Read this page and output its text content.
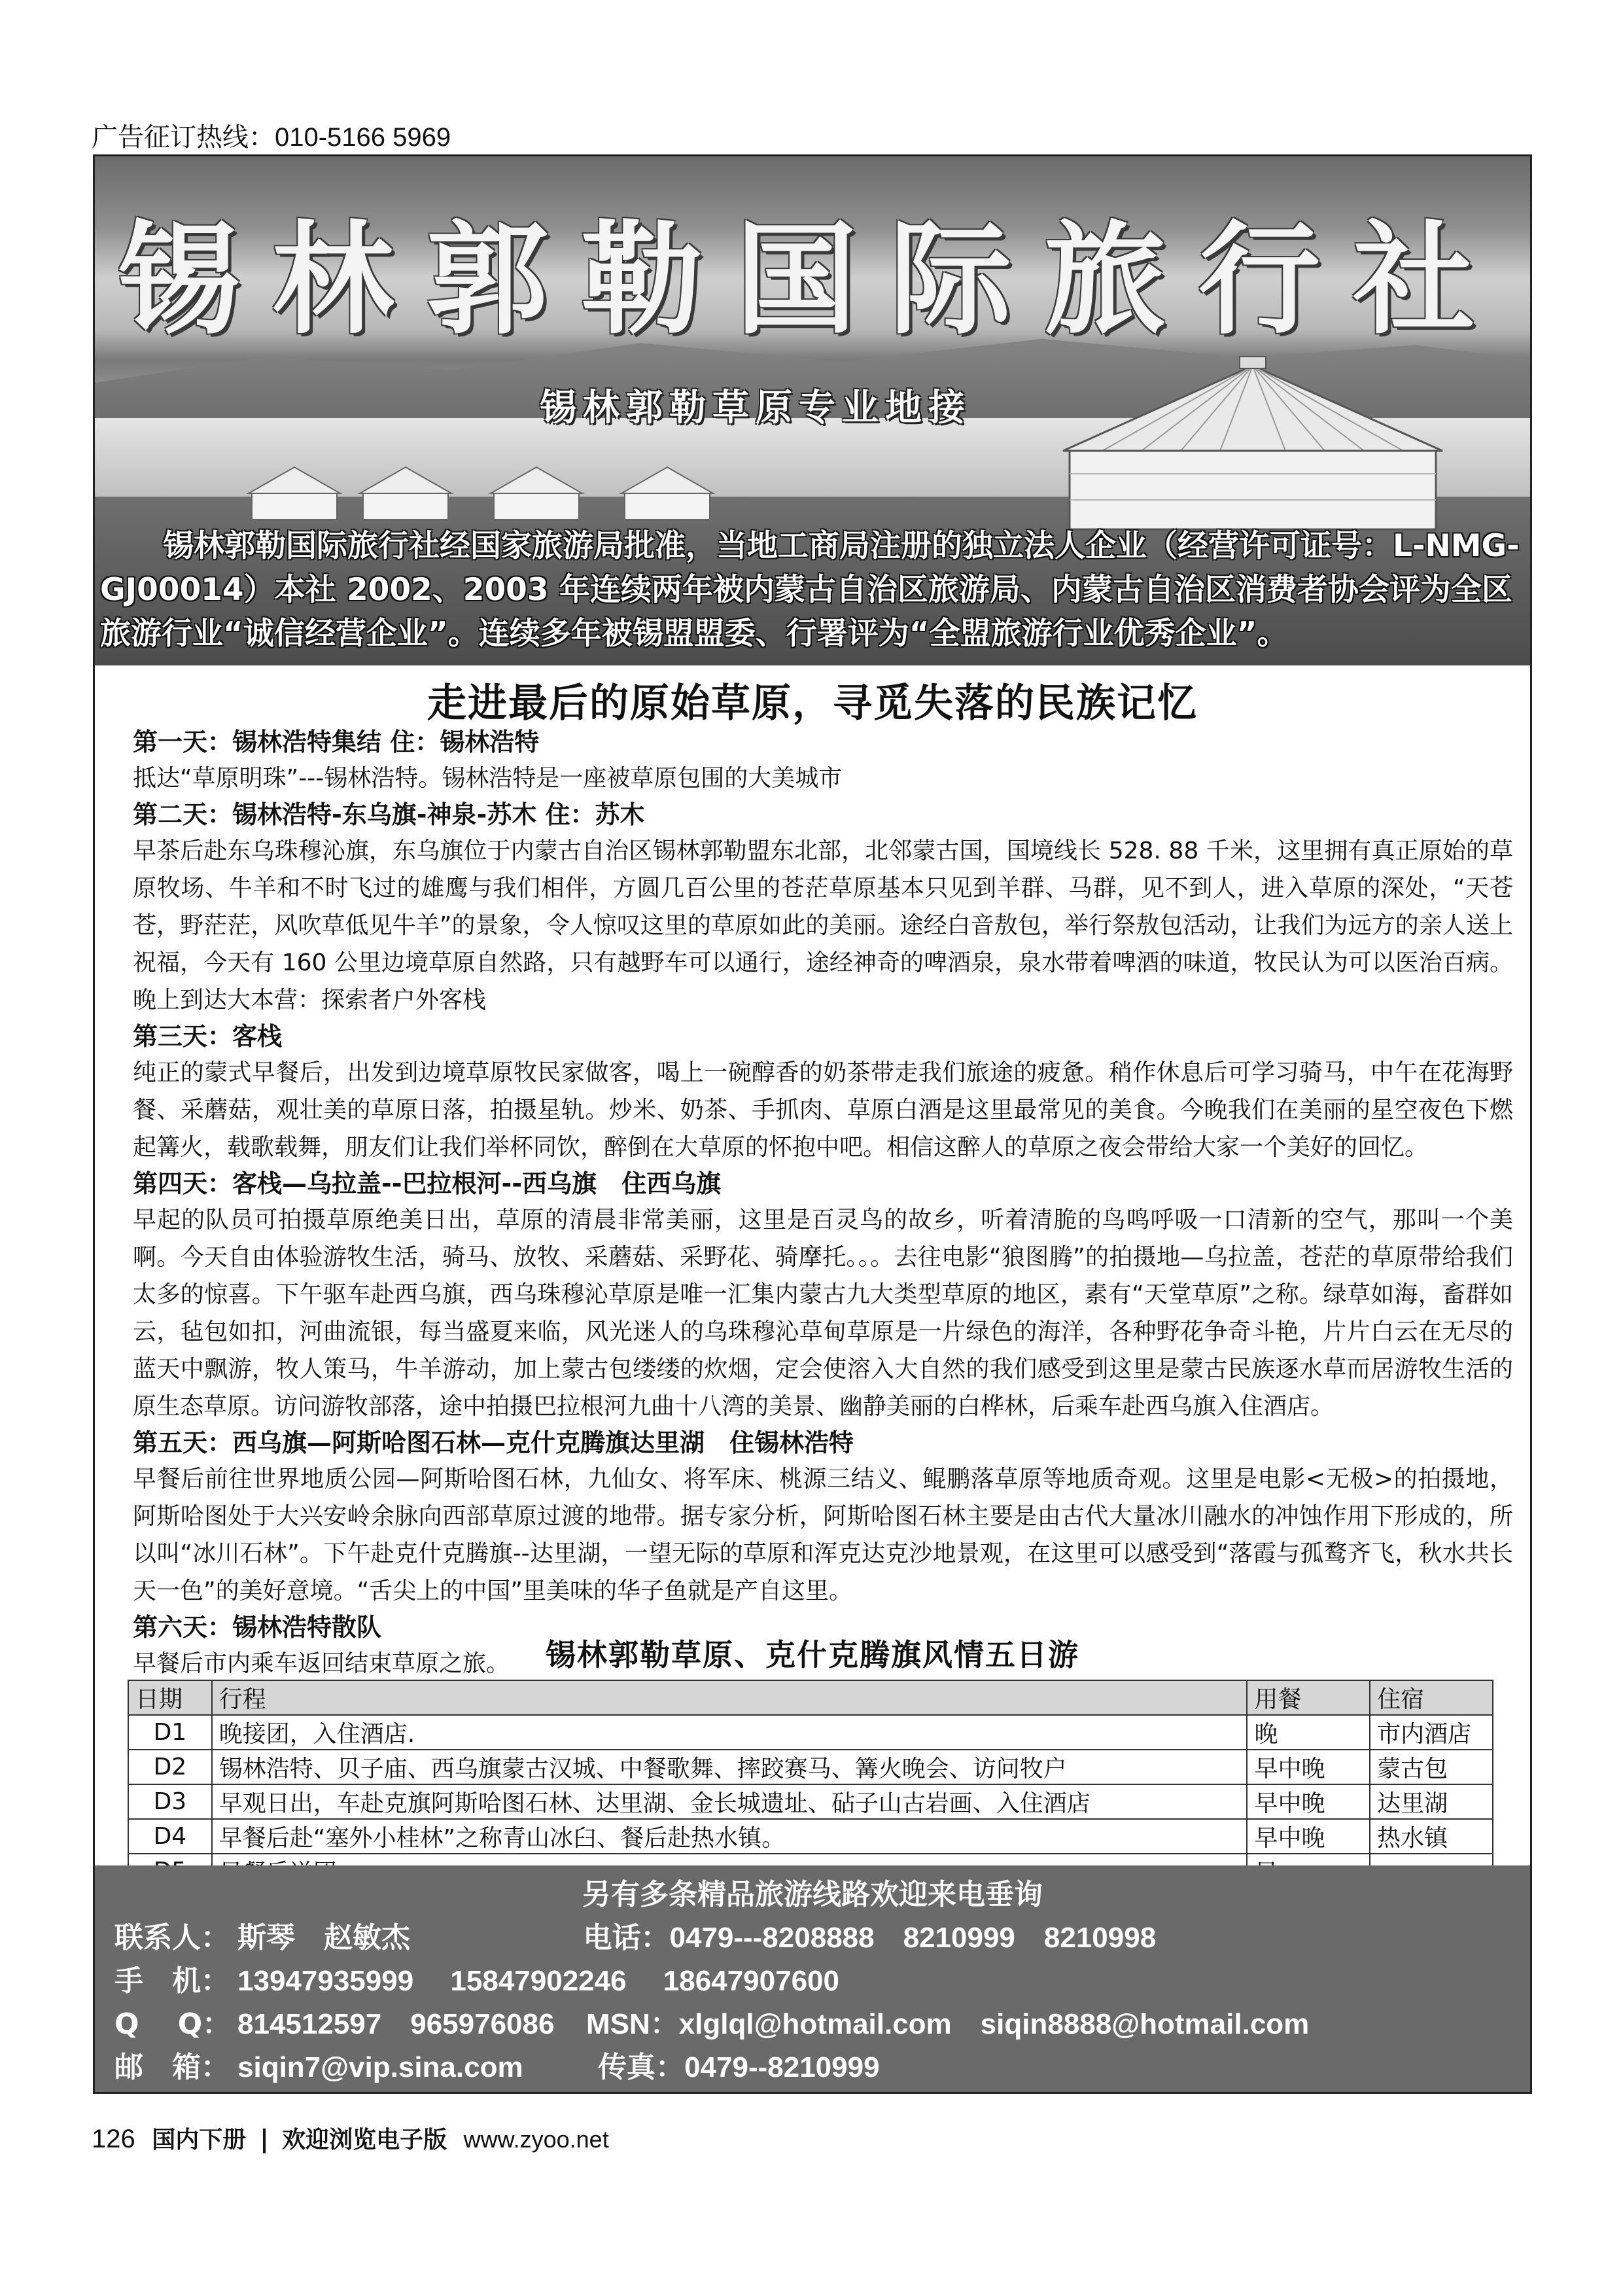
广告征订热线：010-5166 5969
锡林郭勒国际旅行社
锡林郭勒草原专业地接
锡林郭勒国际旅行社经国家旅游局批准，当地工商局注册的独立法人企业（经营许可证号：L-NMG-GJ00014）本社 2002、2003 年连续两年被内蒙古自治区旅游局、内蒙古自治区消费者协会评为全区旅游行业“诚信经营企业”。连续多年被锡盟盟委、行署评为“全盟旅游行业优秀企业”。
走进最后的原始草原，寻觅失落的民族记忆
第一天：锡林浩特集结 住：锡林浩特
抵达“草原明珠”---锡林浩特。锡林浩特是一座被草原包围的大美城市
第二天：锡林浩特-东乌旗-神泉-苏木 住：苏木
早茶后赴东乌珠穆沁旗，东乌旗位于内蒙古自治区锡林郭勒盟东北部，北邻蒙古国，国境线长 528. 88 千米，这里拥有真正原始的草原牧场、牛羊和不时飞过的雄鹰与我们相伴，方圆几百公里的苍茫草原基本只见到羊群、马群，见不到人，进入草原的深处，“天苍苍，野茫茫，风吹草低见牛羊”的景象，令人惊叹这里的草原如此的美丽。途经白音敖包，举行祭敖包活动，让我们为远方的亲人送上祝福，今天有 160 公里边境草原自然路，只有越野车可以通行，途经神奇的啤酒泉，泉水带着啤酒的味道，牧民认为可以医治百病。晚上到达大本营：探索者户外客栈
第三天：客栈
纯正的蒙式早餐后，出发到边境草原牧民家做客，喝上一碗醇香的奶茶带走我们旅途的疲惫。稍作休息后可学习骑马，中午在花海野餐、采蘑菇，观壮美的草原日落，拍摄星轨。炒米、奶茶、手抓肉、草原白酒是这里最常见的美食。今晚我们在美丽的星空夜色下燃起篝火，载歌载舞，朋友们让我们举杯同饮，醉倒在大草原的怀抱中吧。相信这醉人的草原之夜会带给大家一个美好的回忆。
第四天：客栈—乌拉盖--巴拉根河--西乌旗　住西乌旗
早起的队员可拍摄草原绝美日出，草原的清晨非常美丽，这里是百灵鸟的故乡，听着清脆的鸟鸣呼吸一口清新的空气，那叫一个美啊。今天自由体验游牧生活，骑马、放牧、采蘑菇、采野花、骑摩托。。。去往电影“狼图腾”的拍摄地—乌拉盖，苍茫的草原带给我们太多的惊喜。下午驱车赴西乌旗，西乌珠穆沁草原是唯一汇集内蒙古九大类型草原的地区，素有“天堂草原”之称。绿草如海，畜群如云，毡包如扣，河曲流银，每当盛夏来临，风光迷人的乌珠穆沁草甸草原是一片绿色的海洋，各种野花争奇斗艳，片片白云在无尽的蓝天中飘游，牧人策马，牛羊游动，加上蒙古包缕缕的炊烟，定会使溶入大自然的我们感受到这里是蒙古民族逐水草而居游牧生活的原生态草原。访问游牧部落，途中拍摄巴拉根河九曲十八湾的美景、幽静美丽的白桦林，后乘车赴西乌旗入住酒店。
第五天：西乌旗—阿斯哈图石林—克什克腾旗达里湖　住锡林浩特
早餐后前往世界地质公园—阿斯哈图石林，九仙女、将军床、桃源三结义、鲲鹏落草原等地质奇观。这里是电影<无极>的拍摄地，阿斯哈图处于大兴安岭余脉向西部草原过渡的地带。据专家分析，阿斯哈图石林主要是由古代大量冰川融水的冲蚀作用下形成的，所以叫“冰川石林”。下午赴克什克腾旗--达里湖，一望无际的草原和浑克达克沙地景观，在这里可以感受到“落霞与孤鹜齐飞，秋水共长天一色”的美好意境。“舌尖上的中国”里美味的华子鱼就是产自这里。
第六天：锡林浩特散队
早餐后市内乘车返回结束草原之旅。	锡林郭勒草原、克什克腾旗风情五日游
日期	行程	用餐	住宿
D1	晚接团，入住酒店.	晚	市内酒店
D2	锡林浩特、贝子庙、西乌旗蒙古汉城、中餐歌舞、摔跤赛马、篝火晚会、访问牧户	早中晚	蒙古包
D3	早观日出，车赴克旗阿斯哈图石林、达里湖、金长城遗址、砧子山古岩画、入住酒店	早中晚	达里湖
D4	早餐后赴“塞外小桂林”之称青山冰臼、餐后赴热水镇。	早中晚	热水镇

另有多条精品旅游线路欢迎来电垂询
联系人： 斯琴　赵敏杰	电话：0479---8208888　8210999　8210998
手　机： 13947935999　 15847902246　 18647907600
Q　 Q： 814512597　965976086 MSN：xlglql@hotmail.com　siqin8888@hotmail.com
邮　箱： siqin7@vip.sina.com	传真：0479--8210999
126 国内下册 欢迎浏览电子版 www.zyoo.net
